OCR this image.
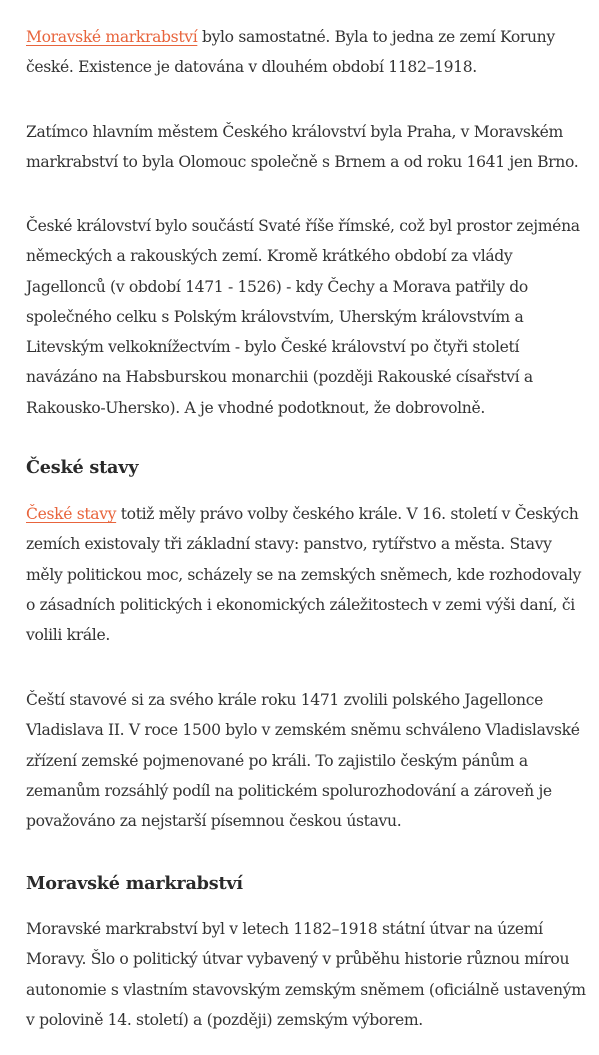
Moravské markrabství bylo samostatné. Byla to jedna ze zemí Koruny české. Existence je datována v dlouhém období 1182–1918.

Zatímco hlavním městem Českého království byla Praha, v Moravském markrabství to byla Olomouc společně s Brnem a od roku 1641 jen Brno.

České království bylo součástí Svaté říše římské, což byl prostor zejména německých a rakouských zemí. Kromě krátkého období za vlády Jagellonců (v období 1471 - 1526) - kdy Čechy a Morava patřily do společného celku s Polským královstvím, Uherským královstvím a Litevským velkoknížectvím - bylo České království po čtyři století navázáno na Habsburskou monarchii (později Rakouské císařství a Rakousko-Uhersko). A je vhodné podotknout, že dobrovolně.

České stavy

České stavy totiž měly právo volby českého krále. V 16. století v Českých zemích existovaly tři základní stavy: panstvo, rytířstvo a města. Stavy měly politickou moc, scházely se na zemských sněmech, kde rozhodovaly o zásadních politických i ekonomických záležitostech v zemi výši daní, či volili krále.

Čeští stavové si za svého krále roku 1471 zvolili polského Jagellonce Vladislava II. V roce 1500 bylo v zemském sněmu schváleno Vladislavské zřízení zemské pojmenované po králi. To zajistilo českým pánům a zemanům rozsáhlý podíl na politickém spolurozhodování a zároveň je považováno za nejstarší písemnou českou ústavu.

Moravské markrabství

Moravské markrabství byl v letech 1182–1918 státní útvar na území Moravy. Šlo o politický útvar vybavený v průběhu historie různou mírou autonomie s vlastním stavovským zemským sněmem (oficiálně ustaveným v polovině 14. století) a (později) zemským výborem.
